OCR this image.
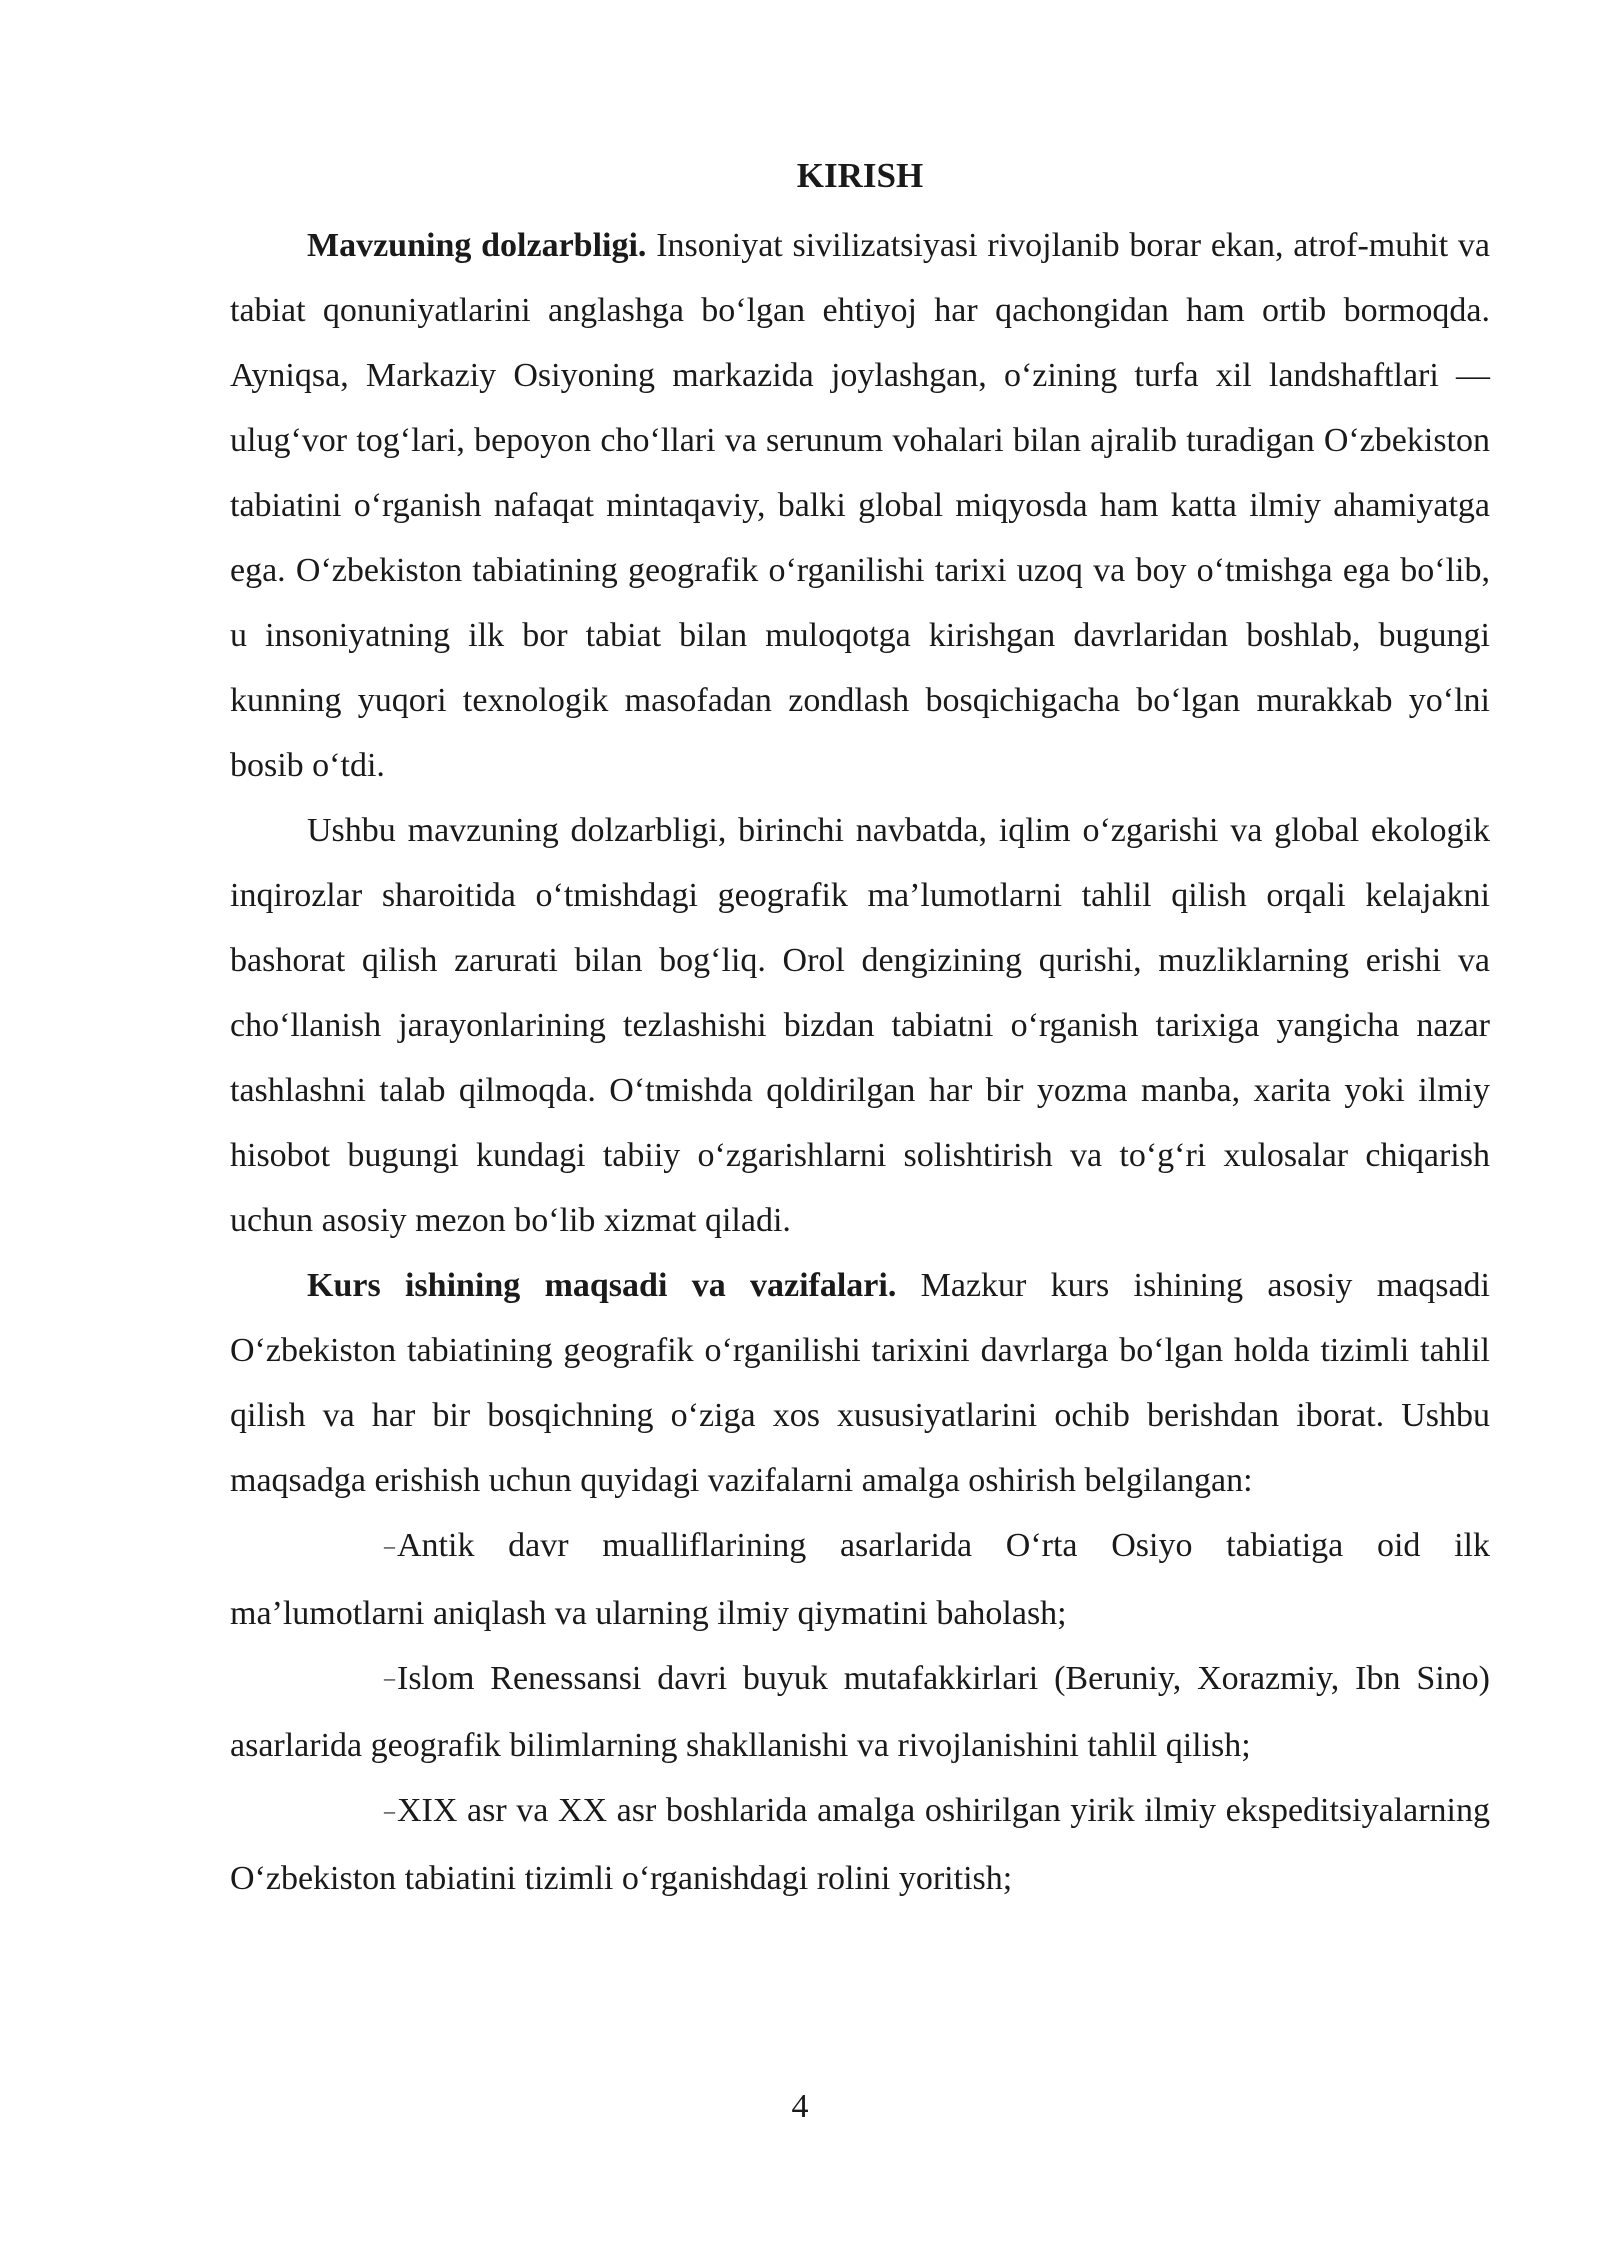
KIRISH

Mavzuning dolzarbligi. Insoniyat sivilizatsiyasi rivojlanib borar ekan, atrof-muhit va tabiat qonuniyatlarini anglashga bo‘lgan ehtiyoj har qachongidan ham ortib bormoqda. Ayniqsa, Markaziy Osiyoning markazida joylashgan, o‘zining turfa xil landshaftlari — ulug‘vor tog‘lari, bepoyon cho‘llari va serunum vohalari bilan ajralib turadigan O‘zbekiston tabiatini o‘rganish nafaqat mintaqaviy, balki global miqyosda ham katta ilmiy ahamiyatga ega. O‘zbekiston tabiatining geografik o‘rganilishi tarixi uzoq va boy o‘tmishga ega bo‘lib, u insoniyatning ilk bor tabiat bilan muloqotga kirishgan davrlaridan boshlab, bugungi kunning yuqori texnologik masofadan zondlash bosqichigacha bo‘lgan murakkab yo‘lni bosib o‘tdi.

Ushbu mavzuning dolzarbligi, birinchi navbatda, iqlim o‘zgarishi va global ekologik inqirozlar sharoitida o‘tmishdagi geografik ma’lumotlarni tahlil qilish orqali kelajakni bashorat qilish zarurati bilan bog‘liq. Orol dengizining qurishi, muzliklarning erishi va cho‘llanish jarayonlarining tezlashishi bizdan tabiatni o‘rganish tarixiga yangicha nazar tashlashni talab qilmoqda. O‘tmishda qoldirilgan har bir yozma manba, xarita yoki ilmiy hisobot bugungi kundagi tabiiy o‘zgarishlarni solishtirish va to‘g‘ri xulosalar chiqarish uchun asosiy mezon bo‘lib xizmat qiladi.

Kurs ishining maqsadi va vazifalari. Mazkur kurs ishining asosiy maqsadi O‘zbekiston tabiatining geografik o‘rganilishi tarixini davrlarga bo‘lgan holda tizimli tahlil qilish va har bir bosqichning o‘ziga xos xususiyatlarini ochib berishdan iborat. Ushbu maqsadga erishish uchun quyidagi vazifalarni amalga oshirish belgilangan:

–Antik davr mualliflarining asarlarida O‘rta Osiyo tabiatiga oid ilk ma’lumotlarni aniqlash va ularning ilmiy qiymatini baholash;

–Islom Renessansi davri buyuk mutafakkirlari (Beruniy, Xorazmiy, Ibn Sino) asarlarida geografik bilimlarning shakllanishi va rivojlanishini tahlil qilish;

–XIX asr va XX asr boshlarida amalga oshirilgan yirik ilmiy ekspeditsiyalarning O‘zbekiston tabiatini tizimli o‘rganishdagi rolini yoritish;

4
